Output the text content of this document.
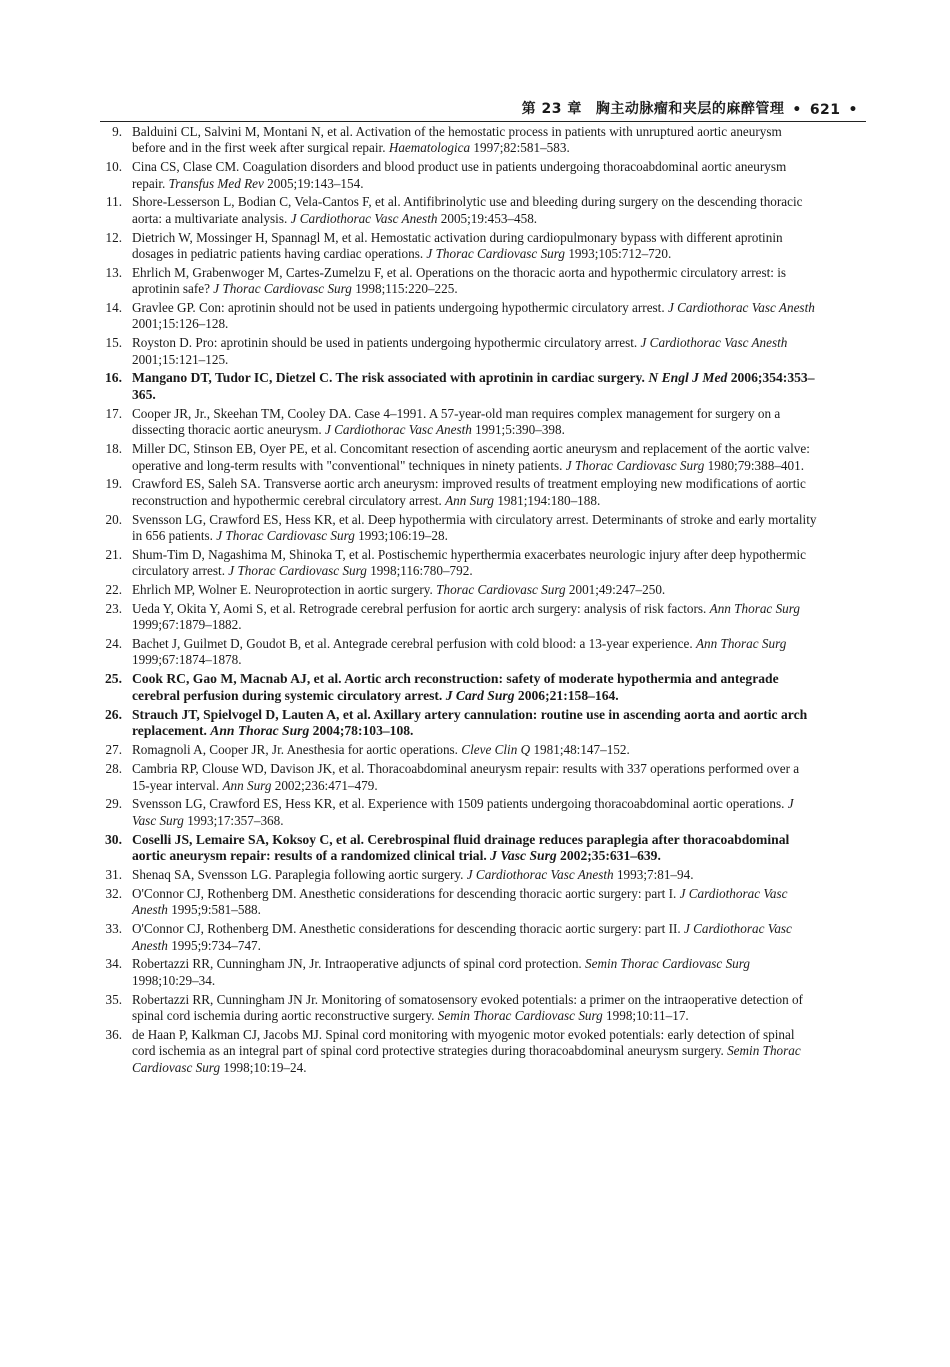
第 23 章 胸主动脉瘤和夹层的麻醉管理 • 621 •
9. Balduini CL, Salvini M, Montani N, et al. Activation of the hemostatic process in patients with unruptured aortic aneurysm before and in the first week after surgical repair. Haematologica 1997;82:581–583.
10. Cina CS, Clase CM. Coagulation disorders and blood product use in patients undergoing thoracoabdominal aortic aneurysm repair. Transfus Med Rev 2005;19:143–154.
11. Shore-Lesserson L, Bodian C, Vela-Cantos F, et al. Antifibrinolytic use and bleeding during surgery on the descending thoracic aorta: a multivariate analysis. J Cardiothorac Vasc Anesth 2005;19:453–458.
12. Dietrich W, Mossinger H, Spannagl M, et al. Hemostatic activation during cardiopulmonary bypass with different aprotinin dosages in pediatric patients having cardiac operations. J Thorac Cardiovasc Surg 1993;105:712–720.
13. Ehrlich M, Grabenwoger M, Cartes-Zumelzu F, et al. Operations on the thoracic aorta and hypothermic circulatory arrest: is aprotinin safe? J Thorac Cardiovasc Surg 1998;115:220–225.
14. Gravlee GP. Con: aprotinin should not be used in patients undergoing hypothermic circulatory arrest. J Cardiothorac Vasc Anesth 2001;15:126–128.
15. Royston D. Pro: aprotinin should be used in patients undergoing hypothermic circulatory arrest. J Cardiothorac Vasc Anesth 2001;15:121–125.
16. Mangano DT, Tudor IC, Dietzel C. The risk associated with aprotinin in cardiac surgery. N Engl J Med 2006;354:353–365.
17. Cooper JR, Jr., Skeehan TM, Cooley DA. Case 4–1991. A 57-year-old man requires complex management for surgery on a dissecting thoracic aortic aneurysm. J Cardiothorac Vasc Anesth 1991;5:390–398.
18. Miller DC, Stinson EB, Oyer PE, et al. Concomitant resection of ascending aortic aneurysm and replacement of the aortic valve: operative and long-term results with "conventional" techniques in ninety patients. J Thorac Cardiovasc Surg 1980;79:388–401.
19. Crawford ES, Saleh SA. Transverse aortic arch aneurysm: improved results of treatment employing new modifications of aortic reconstruction and hypothermic cerebral circulatory arrest. Ann Surg 1981;194:180–188.
20. Svensson LG, Crawford ES, Hess KR, et al. Deep hypothermia with circulatory arrest. Determinants of stroke and early mortality in 656 patients. J Thorac Cardiovasc Surg 1993;106:19–28.
21. Shum-Tim D, Nagashima M, Shinoka T, et al. Postischemic hyperthermia exacerbates neurologic injury after deep hypothermic circulatory arrest. J Thorac Cardiovasc Surg 1998;116:780–792.
22. Ehrlich MP, Wolner E. Neuroprotection in aortic surgery. Thorac Cardiovasc Surg 2001;49:247–250.
23. Ueda Y, Okita Y, Aomi S, et al. Retrograde cerebral perfusion for aortic arch surgery: analysis of risk factors. Ann Thorac Surg 1999;67:1879–1882.
24. Bachet J, Guilmet D, Goudot B, et al. Antegrade cerebral perfusion with cold blood: a 13-year experience. Ann Thorac Surg 1999;67:1874–1878.
25. Cook RC, Gao M, Macnab AJ, et al. Aortic arch reconstruction: safety of moderate hypothermia and antegrade cerebral perfusion during systemic circulatory arrest. J Card Surg 2006;21:158–164.
26. Strauch JT, Spielvogel D, Lauten A, et al. Axillary artery cannulation: routine use in ascending aorta and aortic arch replacement. Ann Thorac Surg 2004;78:103–108.
27. Romagnoli A, Cooper JR, Jr. Anesthesia for aortic operations. Cleve Clin Q 1981;48:147–152.
28. Cambria RP, Clouse WD, Davison JK, et al. Thoracoabdominal aneurysm repair: results with 337 operations performed over a 15-year interval. Ann Surg 2002;236:471–479.
29. Svensson LG, Crawford ES, Hess KR, et al. Experience with 1509 patients undergoing thoracoabdominal aortic operations. J Vasc Surg 1993;17:357–368.
30. Coselli JS, Lemaire SA, Koksoy C, et al. Cerebrospinal fluid drainage reduces paraplegia after thoracoabdominal aortic aneurysm repair: results of a randomized clinical trial. J Vasc Surg 2002;35:631–639.
31. Shenaq SA, Svensson LG. Paraplegia following aortic surgery. J Cardiothorac Vasc Anesth 1993;7:81–94.
32. O'Connor CJ, Rothenberg DM. Anesthetic considerations for descending thoracic aortic surgery: part I. J Cardiothorac Vasc Anesth 1995;9:581–588.
33. O'Connor CJ, Rothenberg DM. Anesthetic considerations for descending thoracic aortic surgery: part II. J Cardiothorac Vasc Anesth 1995;9:734–747.
34. Robertazzi RR, Cunningham JN, Jr. Intraoperative adjuncts of spinal cord protection. Semin Thorac Cardiovasc Surg 1998;10:29–34.
35. Robertazzi RR, Cunningham JN Jr. Monitoring of somatosensory evoked potentials: a primer on the intraoperative detection of spinal cord ischemia during aortic reconstructive surgery. Semin Thorac Cardiovasc Surg 1998;10:11–17.
36. de Haan P, Kalkman CJ, Jacobs MJ. Spinal cord monitoring with myogenic motor evoked potentials: early detection of spinal cord ischemia as an integral part of spinal cord protective strategies during thoracoabdominal aneurysm surgery. Semin Thorac Cardiovasc Surg 1998;10:19–24.
